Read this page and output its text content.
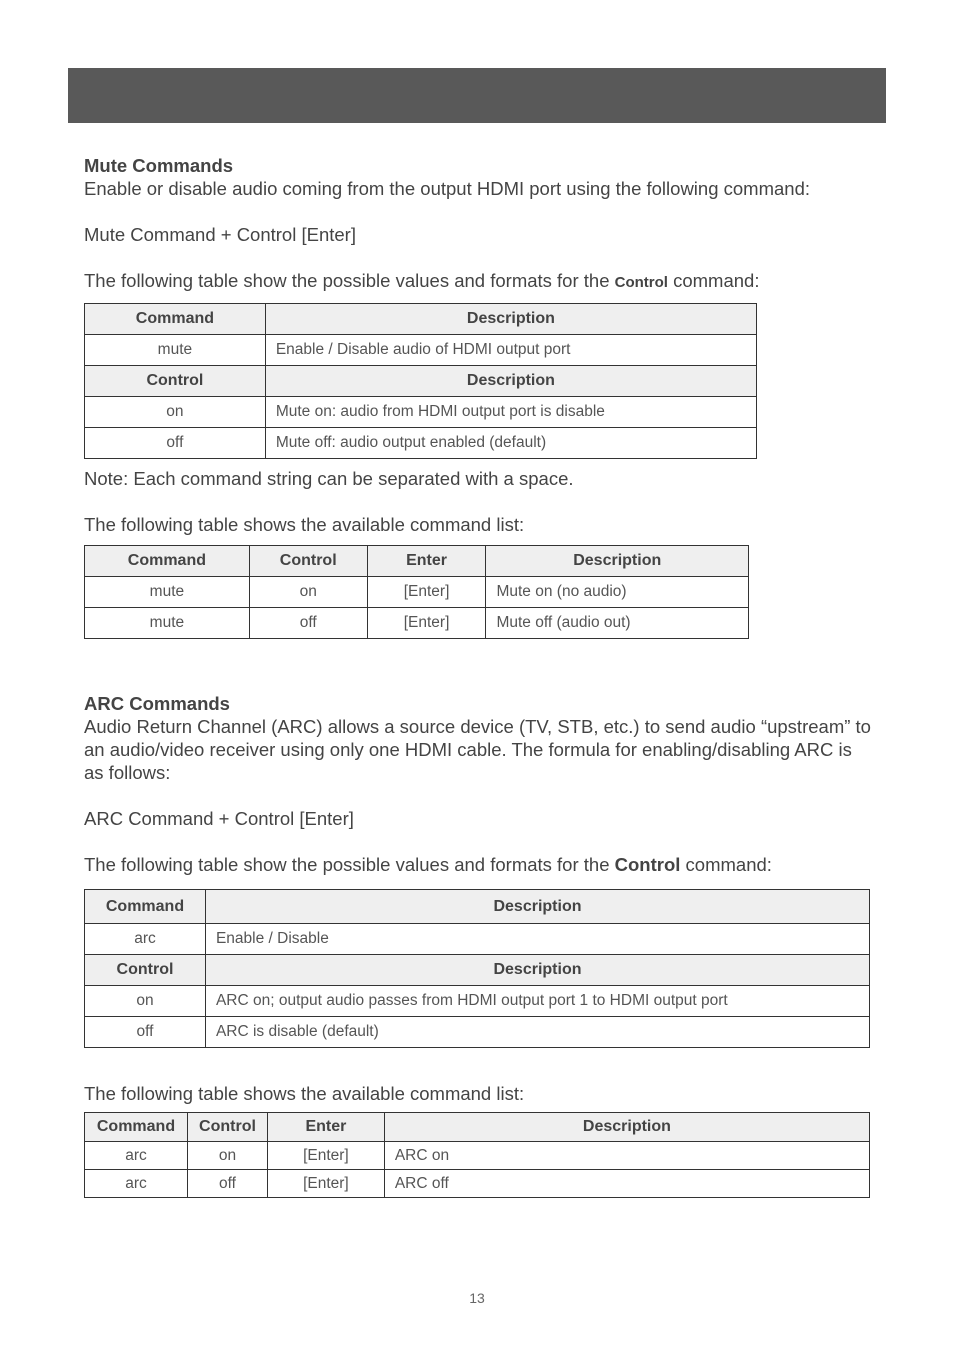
Mute Commands
Enable or disable audio coming from the output HDMI port using the following command:
Mute Command + Control [Enter]
The following table show the possible values and formats for the Control command:
Command	Description
mute	Enable / Disable audio of HDMI output port
Control	Description
on	Mute on: audio from HDMI output port is disable
off	Mute off: audio output enabled (default)
Note: Each command string can be separated with a space.
The following table shows the available command list:
Command	Control	Enter	Description
mute	on	[Enter]	Mute on (no audio)
mute	off	[Enter]	Mute off (audio out)
ARC Commands
Audio Return Channel (ARC) allows a source device (TV, STB, etc.) to send audio “upstream” to an audio/video receiver using only one HDMI cable. The formula for enabling/disabling ARC is as follows:
ARC Command + Control [Enter]
The following table show the possible values and formats for the Control command:
Command	Description
arc	Enable / Disable
Control	Description
on	ARC on; output audio passes from HDMI output port 1 to HDMI output port
off	ARC is disable (default)
The following table shows the available command list:
Command	Control	Enter	Description
arc	on	[Enter]	ARC on
arc	off	[Enter]	ARC off
13
